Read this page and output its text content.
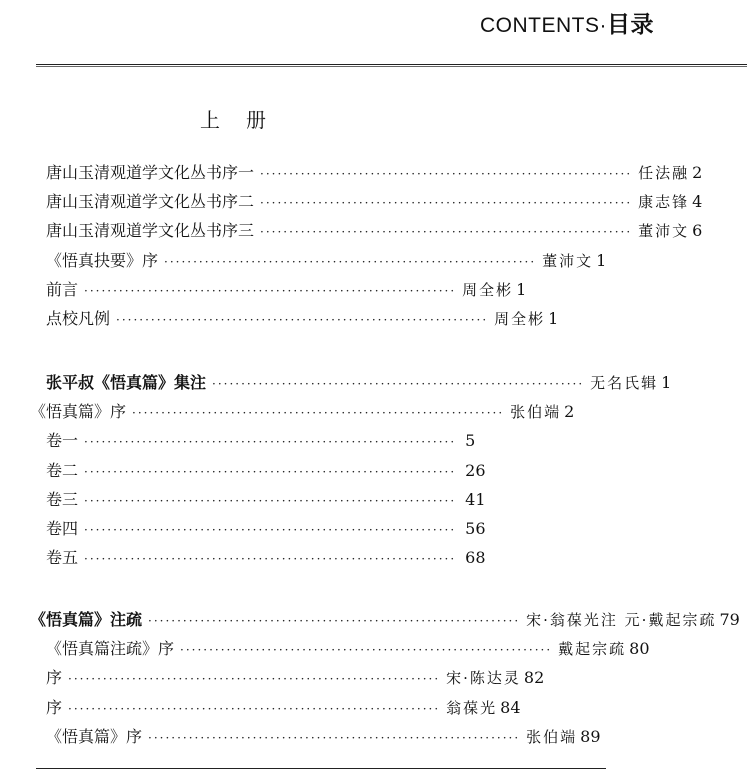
CONTENTS·目录
上册
唐山玉清观道学文化丛书序一 ································································ 任法融 2
唐山玉清观道学文化丛书序二 ································································ 康志锋 4
唐山玉清观道学文化丛书序三 ································································ 董沛文 6
《悟真抉要》序 ································································ 董沛文 1
前言 ································································ 周全彬 1
点校凡例 ································································ 周全彬 1
张平叔《悟真篇》集注 ································································ 无名氏辑 1
《悟真篇》序 ································································ 张伯端 2
卷一 ································································ 5
卷二 ································································ 26
卷三 ································································ 41
卷四 ································································ 56
卷五 ································································ 68
《悟真篇》注疏 ································································ 宋·翁葆光注 元·戴起宗疏 79
《悟真篇注疏》序 ································································ 戴起宗疏 80
序 ································································ 宋·陈达灵 82
序 ································································ 翁葆光 84
《悟真篇》序 ································································ 张伯端 89
